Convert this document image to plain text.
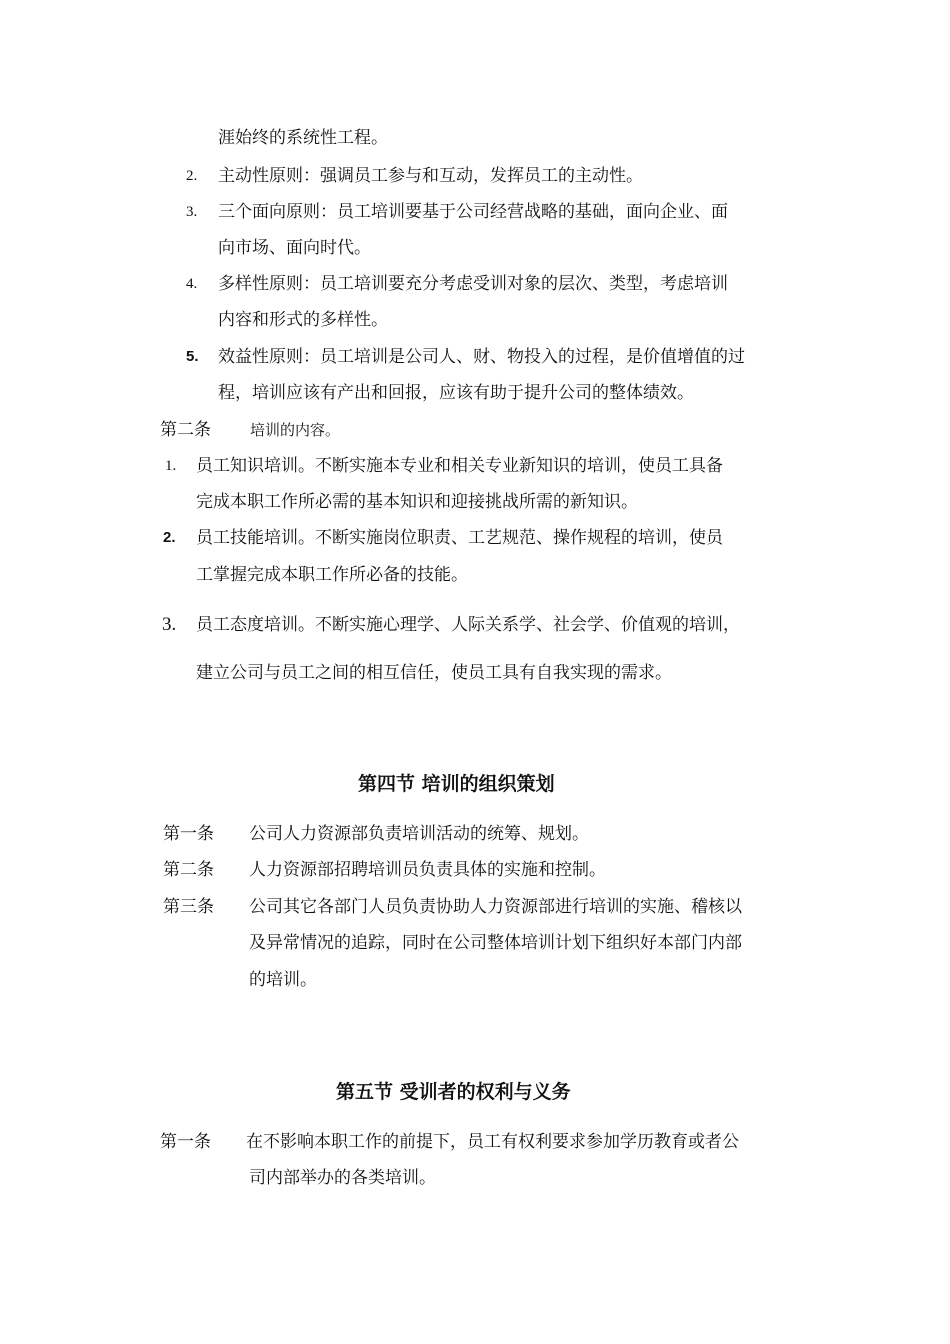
涯始终的系统性工程。
2. 主动性原则：强调员工参与和互动，发挥员工的主动性。
3. 三个面向原则：员工培训要基于公司经营战略的基础，面向企业、面
向市场、面向时代。
4. 多样性原则：员工培训要充分考虑受训对象的层次、类型，考虑培训
内容和形式的多样性。
5. 效益性原则：员工培训是公司人、财、物投入的过程，是价值增值的过
程，培训应该有产出和回报，应该有助于提升公司的整体绩效。
第二条	培训的内容。
1. 员工知识培训。不断实施本专业和相关专业新知识的培训，使员工具备
完成本职工作所必需的基本知识和迎接挑战所需的新知识。
2. 员工技能培训。不断实施岗位职责、工艺规范、操作规程的培训，使员
工掌握完成本职工作所必备的技能。
3. 员工态度培训。不断实施心理学、人际关系学、社会学、价值观的培训，
建立公司与员工之间的相互信任，使员工具有自我实现的需求。
第四节 培训的组织策划
第一条 公司人力资源部负责培训活动的统筹、规划。
第二条 人力资源部招聘培训员负责具体的实施和控制。
第三条 公司其它各部门人员负责协助人力资源部进行培训的实施、稽核以
及异常情况的追踪，同时在公司整体培训计划下组织好本部门内部
的培训。
第五节 受训者的权利与义务
第一条 在不影响本职工作的前提下，员工有权利要求参加学历教育或者公
司内部举办的各类培训。
